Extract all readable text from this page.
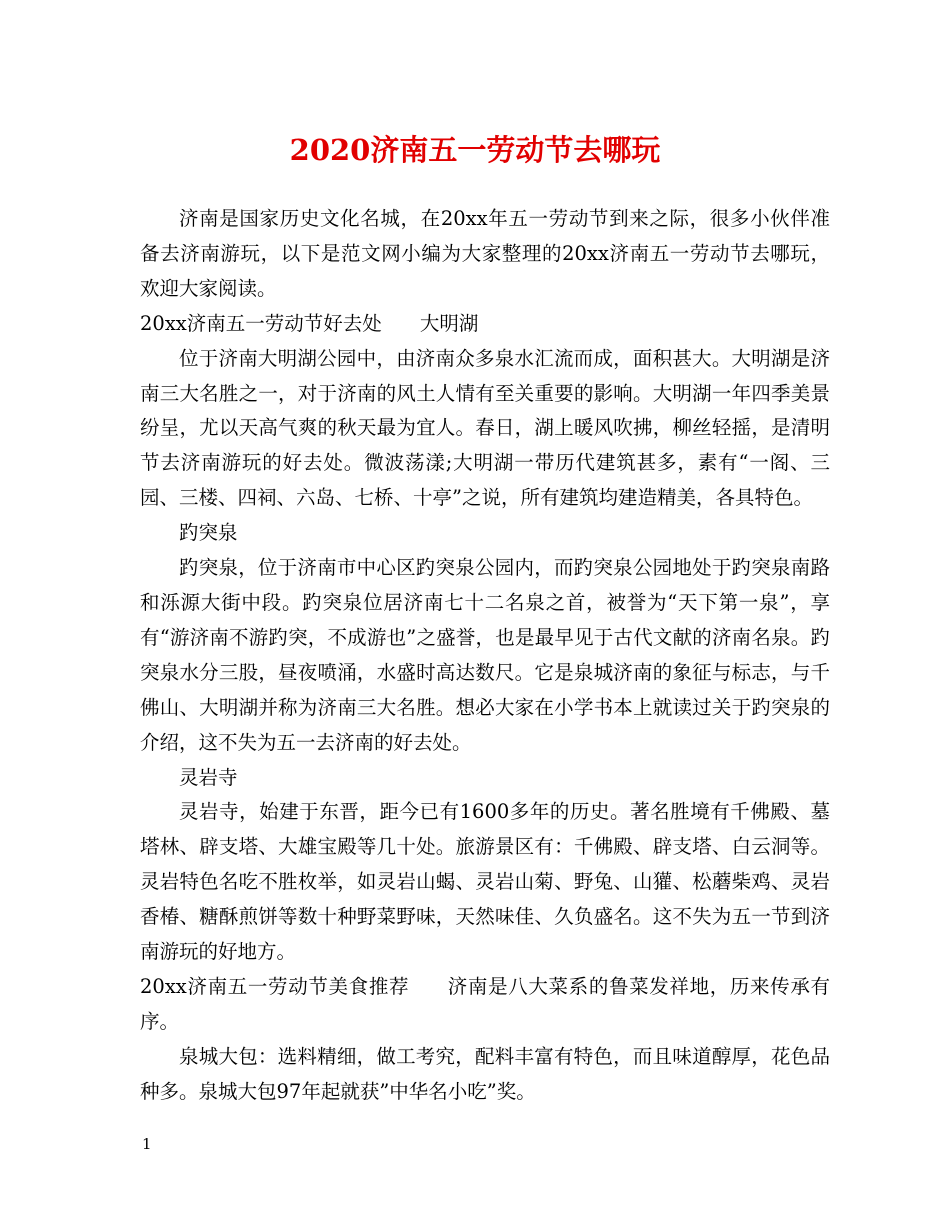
2020济南五一劳动节去哪玩

济南是国家历史文化名城，在20xx年五一劳动节到来之际，很多小伙伴准备去济南游玩，以下是范文网小编为大家整理的20xx济南五一劳动节去哪玩，欢迎大家阅读。

20xx济南五一劳动节好去处 大明湖

位于济南大明湖公园中，由济南众多泉水汇流而成，面积甚大。大明湖是济南三大名胜之一，对于济南的风土人情有至关重要的影响。大明湖一年四季美景纷呈，尤以天高气爽的秋天最为宜人。春日，湖上暖风吹拂，柳丝轻摇，是清明节去济南游玩的好去处。微波荡漾;大明湖一带历代建筑甚多，素有“一阁、三园、三楼、四祠、六岛、七桥、十亭”之说，所有建筑均建造精美，各具特色。

趵突泉

趵突泉，位于济南市中心区趵突泉公园内，而趵突泉公园地处于趵突泉南路和泺源大街中段。趵突泉位居济南七十二名泉之首，被誉为“天下第一泉”，享有“游济南不游趵突，不成游也”之盛誉，也是最早见于古代文献的济南名泉。趵突泉水分三股，昼夜喷涌，水盛时高达数尺。它是泉城济南的象征与标志，与千佛山、大明湖并称为济南三大名胜。想必大家在小学书本上就读过关于趵突泉的介绍，这不失为五一去济南的好去处。

灵岩寺

灵岩寺，始建于东晋，距今已有1600多年的历史。著名胜境有千佛殿、墓塔林、辟支塔、大雄宝殿等几十处。旅游景区有：千佛殿、辟支塔、白云洞等。灵岩特色名吃不胜枚举，如灵岩山蝎、灵岩山菊、野兔、山獾、松蘑柴鸡、灵岩香椿、糖酥煎饼等数十种野菜野味，天然味佳、久负盛名。这不失为五一节到济南游玩的好地方。

20xx济南五一劳动节美食推荐 济南是八大菜系的鲁菜发祥地，历来传承有序。

泉城大包：选料精细，做工考究，配料丰富有特色，而且味道醇厚，花色品种多。泉城大包97年起就获”中华名小吃”奖。

1
